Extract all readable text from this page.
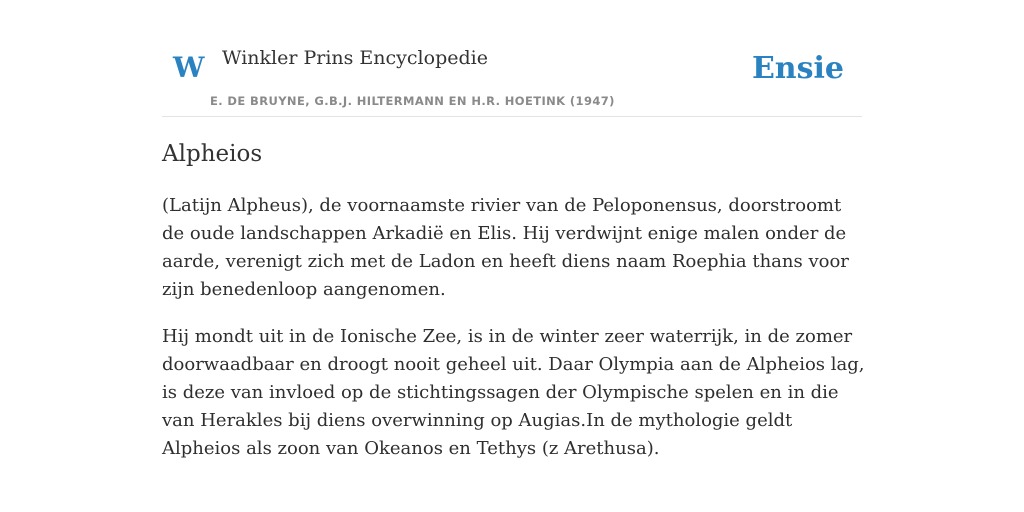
W Winkler Prins Encyclopedie
E. DE BRUYNE, G.B.J. HILTERMANN EN H.R. HOETINK (1947)
Ensie
Alpheios

(Latijn Alpheus), de voornaamste rivier van de Peloponensus, doorstroomt de oude landschappen Arkadië en Elis. Hij verdwijnt enige malen onder de aarde, verenigt zich met de Ladon en heeft diens naam Roephia thans voor zijn benedenloop aangenomen.

Hij mondt uit in de Ionische Zee, is in de winter zeer waterrijk, in de zomer doorwaadbaar en droogt nooit geheel uit. Daar Olympia aan de Alpheios lag, is deze van invloed op de stichtingssagen der Olympische spelen en in die van Herakles bij diens overwinning op Augias.In de mythologie geldt Alpheios als zoon van Okeanos en Tethys (z Arethusa).
